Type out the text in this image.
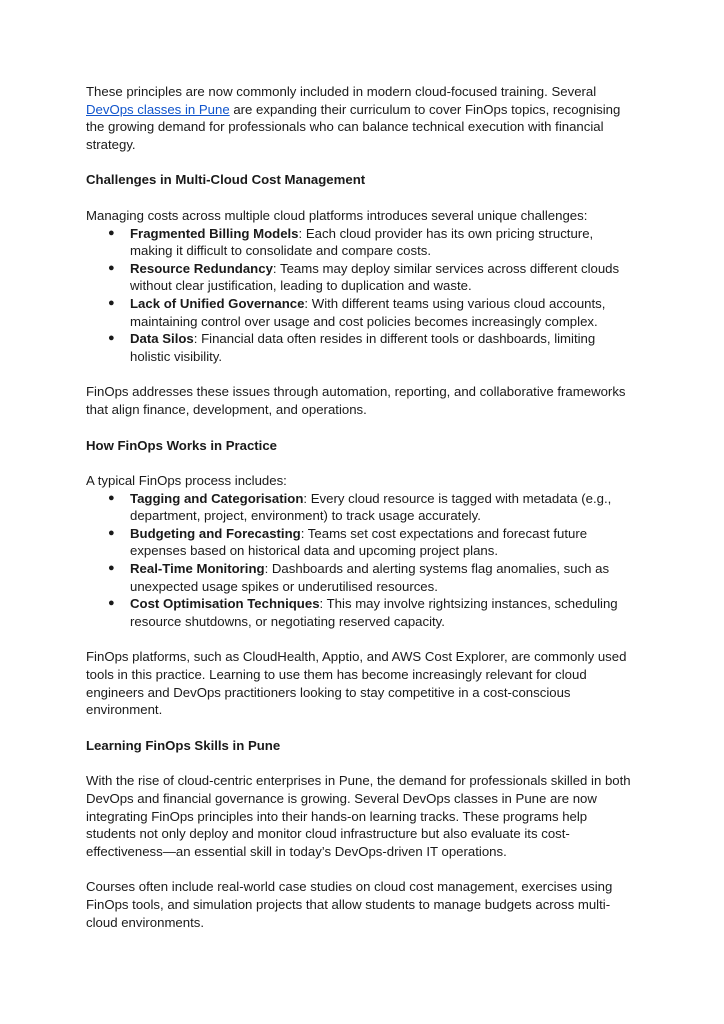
These principles are now commonly included in modern cloud-focused training. Several DevOps classes in Pune are expanding their curriculum to cover FinOps topics, recognising the growing demand for professionals who can balance technical execution with financial strategy.

Challenges in Multi-Cloud Cost Management

Managing costs across multiple cloud platforms introduces several unique challenges:

● Fragmented Billing Models: Each cloud provider has its own pricing structure, making it difficult to consolidate and compare costs.
● Resource Redundancy: Teams may deploy similar services across different clouds without clear justification, leading to duplication and waste.
● Lack of Unified Governance: With different teams using various cloud accounts, maintaining control over usage and cost policies becomes increasingly complex.
● Data Silos: Financial data often resides in different tools or dashboards, limiting holistic visibility.

FinOps addresses these issues through automation, reporting, and collaborative frameworks that align finance, development, and operations.

How FinOps Works in Practice

A typical FinOps process includes:

● Tagging and Categorisation: Every cloud resource is tagged with metadata (e.g., department, project, environment) to track usage accurately.
● Budgeting and Forecasting: Teams set cost expectations and forecast future expenses based on historical data and upcoming project plans.
● Real-Time Monitoring: Dashboards and alerting systems flag anomalies, such as unexpected usage spikes or underutilised resources.
● Cost Optimisation Techniques: This may involve rightsizing instances, scheduling resource shutdowns, or negotiating reserved capacity.

FinOps platforms, such as CloudHealth, Apptio, and AWS Cost Explorer, are commonly used tools in this practice. Learning to use them has become increasingly relevant for cloud engineers and DevOps practitioners looking to stay competitive in a cost-conscious environment.

Learning FinOps Skills in Pune

With the rise of cloud-centric enterprises in Pune, the demand for professionals skilled in both DevOps and financial governance is growing. Several DevOps classes in Pune are now integrating FinOps principles into their hands-on learning tracks. These programs help students not only deploy and monitor cloud infrastructure but also evaluate its cost-effectiveness—an essential skill in today’s DevOps-driven IT operations.

Courses often include real-world case studies on cloud cost management, exercises using FinOps tools, and simulation projects that allow students to manage budgets across multi-cloud environments.
